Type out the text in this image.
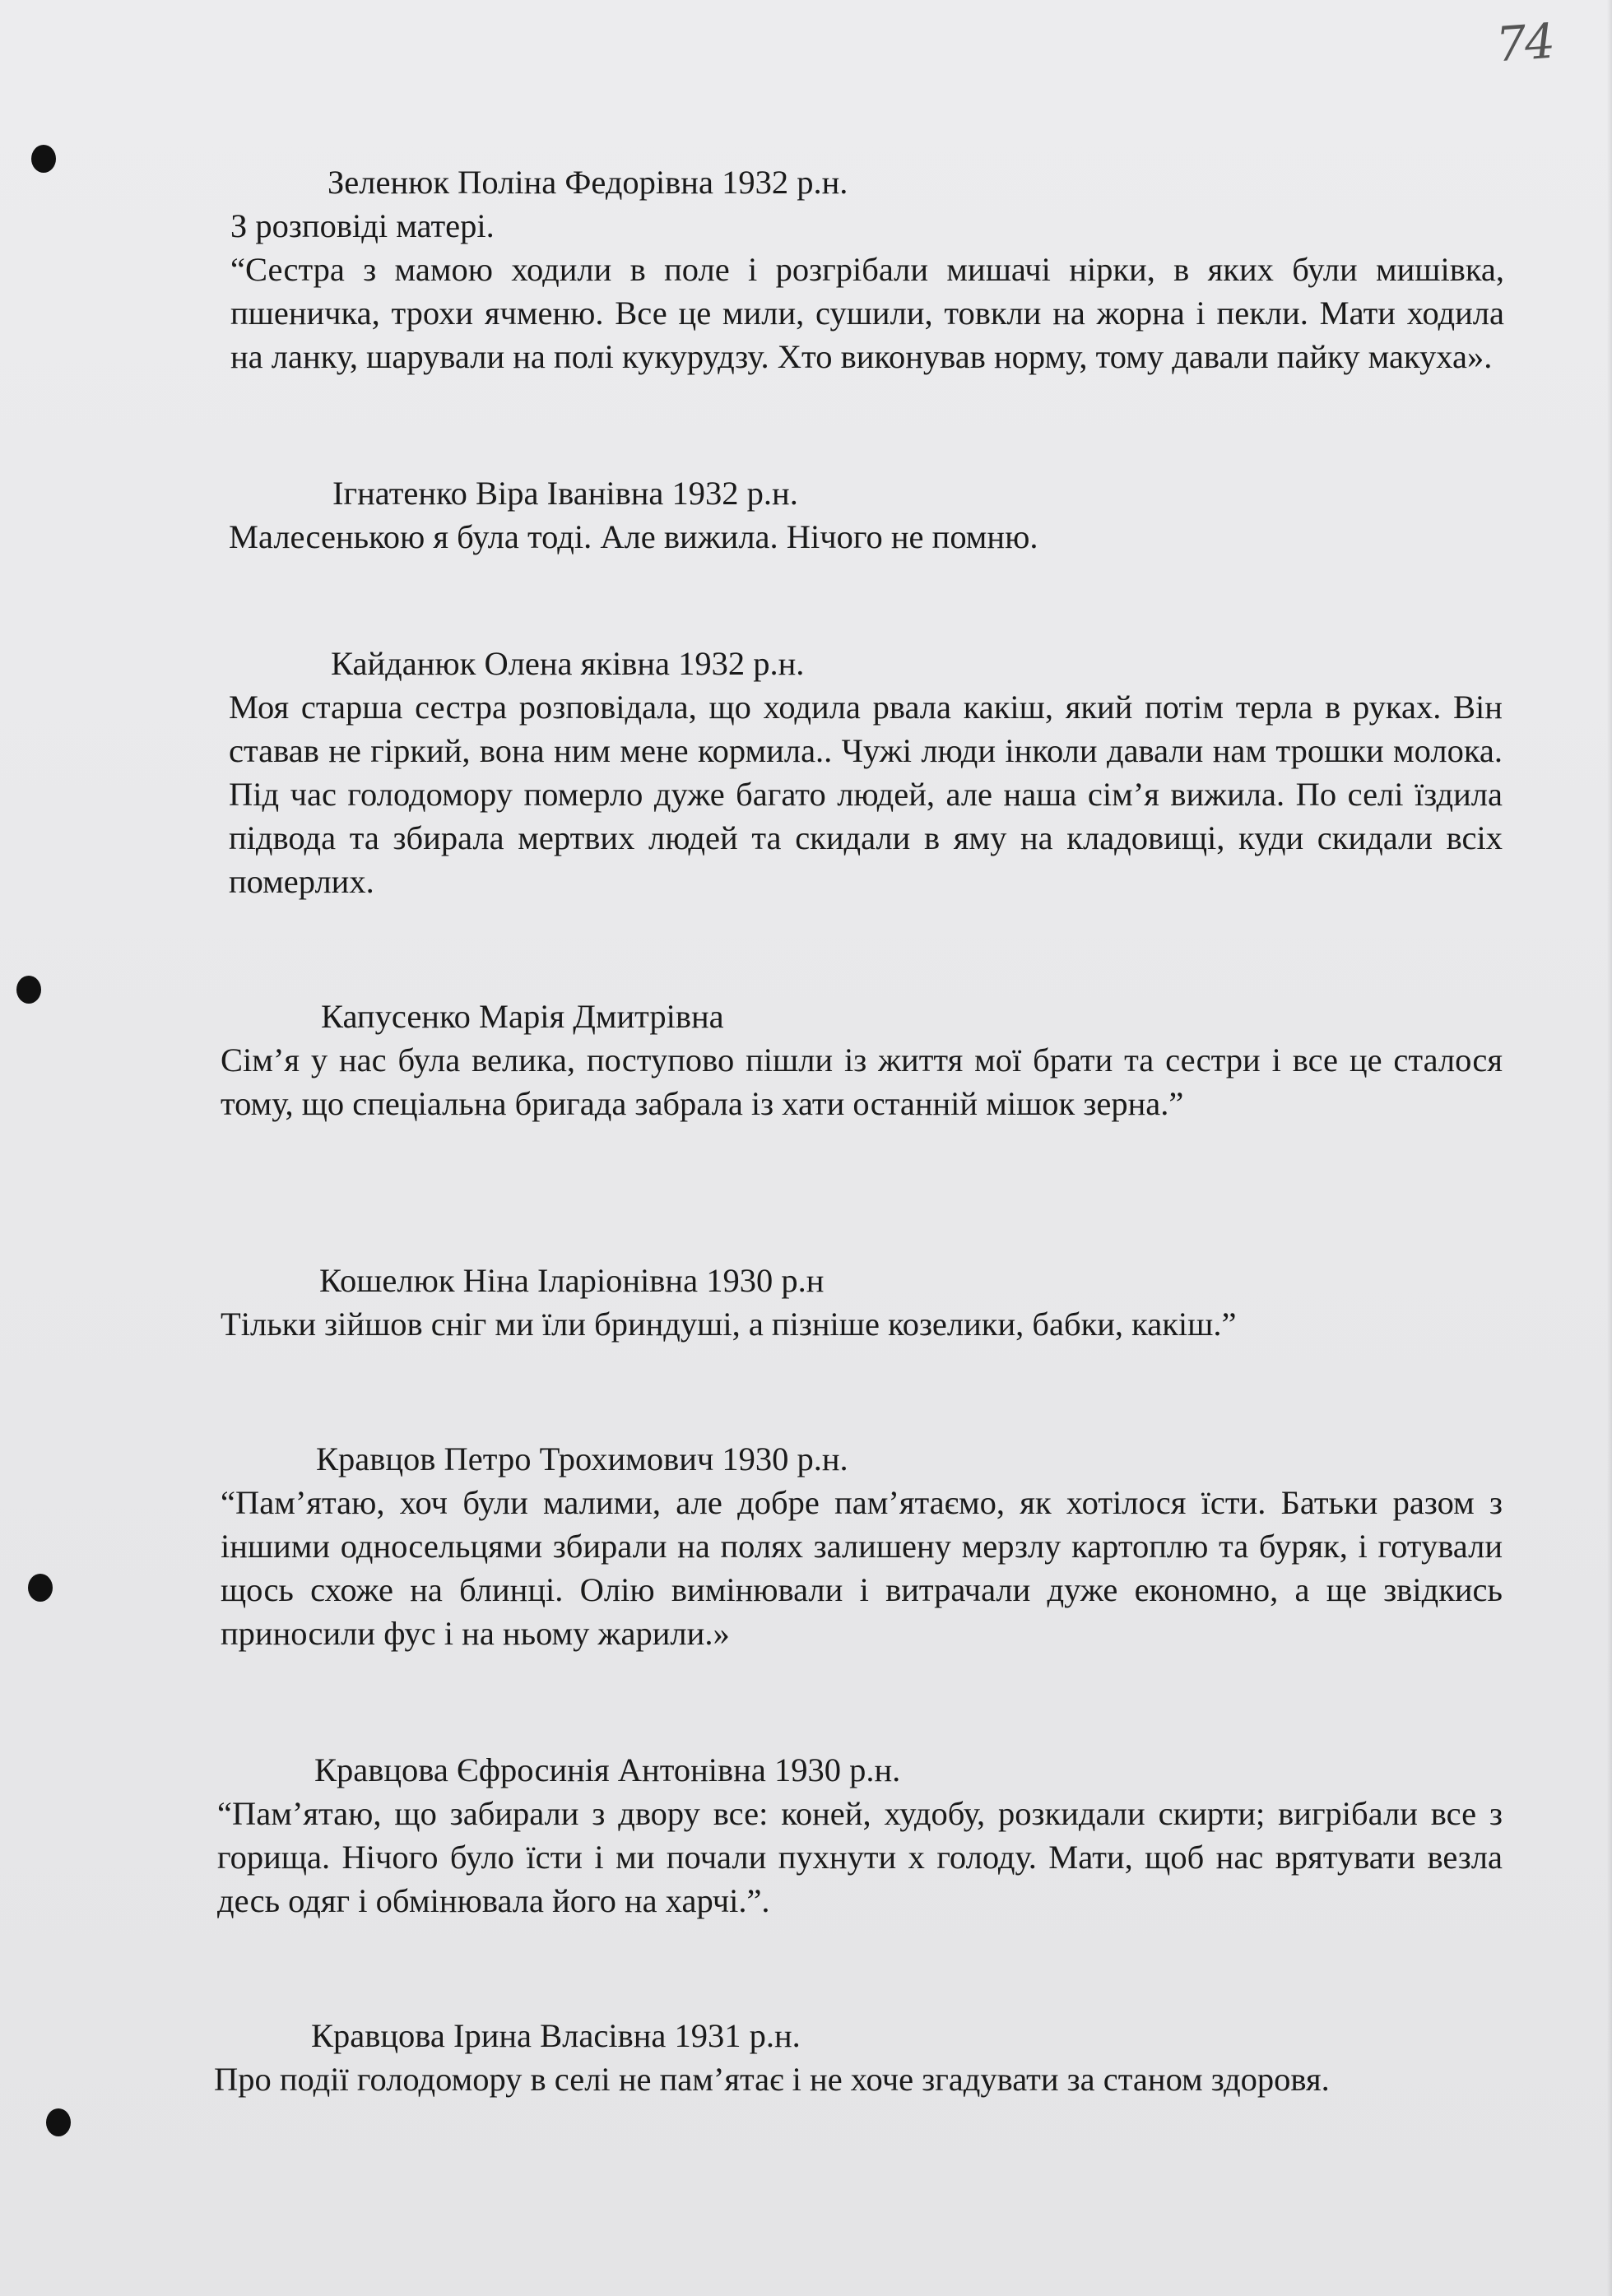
74
Зеленюк Поліна Федорівна 1932 р.н.
З розповіді матері.
“Сестра з мамою ходили в поле і розгрібали мишачі нірки, в яких були мишівка, пшеничка, трохи ячменю. Все це мили, сушили, товкли на жорна і пекли. Мати ходила на ланку, шарували на полі кукурудзу. Хто виконував норму, тому давали пайку макуха».
Ігнатенко Віра Іванівна 1932 р.н.
Малесенькою я була тоді. Але вижила. Нічого не помню.
Кайданюк Олена яківна 1932 р.н.
Моя старша сестра розповідала, що ходила рвала какіш, який потім терла в руках. Він ставав не гіркий, вона ним мене кормила.. Чужі люди інколи давали нам трошки молока. Під час голодомору померло дуже багато людей, але наша сім’я вижила. По селі їздила підвода та збирала мертвих людей та скидали в яму на кладовищі, куди скидали всіх померлих.
Капусенко Марія Дмитрівна
Сім’я у нас була велика, поступово пішли із життя мої брати та сестри і все це сталося тому, що спеціальна бригада забрала із хати останній мішок зерна.”
Кошелюк Ніна Іларіонівна 1930 р.н
Тільки зійшов сніг ми їли бриндуші, а пізніше козелики, бабки, какіш.”
Кравцов Петро Трохимович 1930 р.н.
“Пам’ятаю, хоч були малими, але добре пам’ятаємо, як хотілося їсти. Батьки разом з іншими односельцями збирали на полях залишену мерзлу картоплю та буряк, і готували щось схоже на блинці. Олію вимінювали і витрачали дуже економно, а ще звідкись приносили фус і на ньому жарили.»
Кравцова Єфросинія Антонівна 1930 р.н.
“Пам’ятаю, що забирали з двору все: коней, худобу, розкидали скирти; вигрібали все з горища. Нічого було їсти і ми почали пухнути х голоду. Мати, щоб нас врятувати везла десь одяг і обмінювала його на харчі.”.
Кравцова Ірина Власівна 1931 р.н.
Про події голодомору в селі не пам’ятає і не хоче згадувати за станом здоровя.
